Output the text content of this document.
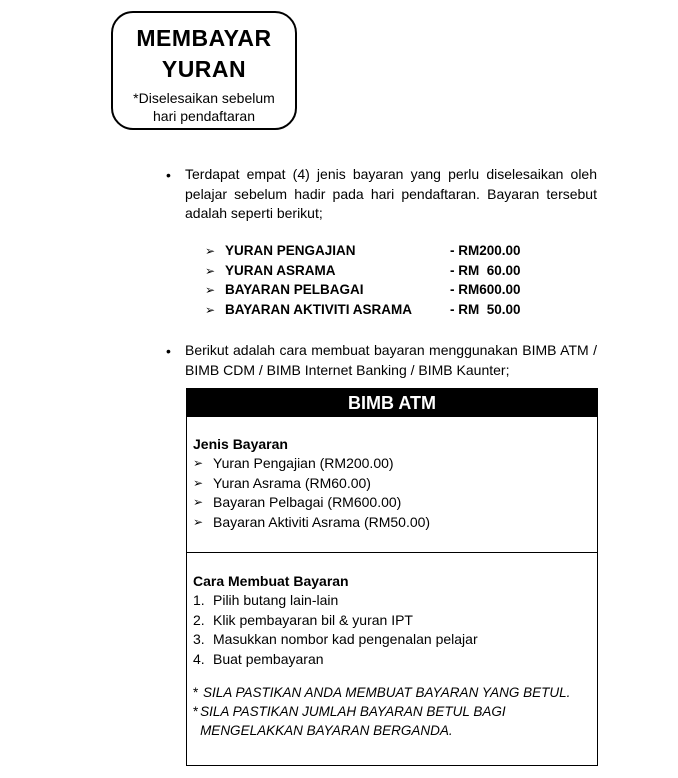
MEMBAYAR
YURAN
*Diselesaikan sebelum
hari pendaftaran
• Terdapat empat (4) jenis bayaran yang perlu diselesaikan oleh pelajar sebelum hadir pada hari pendaftaran. Bayaran tersebut adalah seperti berikut;
➢ YURAN PENGAJIAN	- RM200.00
➢ YURAN ASRAMA	- RM  60.00
➢ BAYARAN PELBAGAI	- RM600.00
➢ BAYARAN AKTIVITI ASRAMA	- RM  50.00
• Berikut adalah cara membuat bayaran menggunakan BIMB ATM / BIMB CDM / BIMB Internet Banking / BIMB Kaunter;
BIMB ATM
Jenis Bayaran
➢ Yuran Pengajian (RM200.00)
➢ Yuran Asrama (RM60.00)
➢ Bayaran Pelbagai (RM600.00)
➢ Bayaran Aktiviti Asrama (RM50.00)
Cara Membuat Bayaran
1. Pilih butang lain-lain
2. Klik pembayaran bil & yuran IPT
3. Masukkan nombor kad pengenalan pelajar
4. Buat pembayaran
* SILA PASTIKAN ANDA MEMBUAT BAYARAN YANG BETUL.
* SILA PASTIKAN JUMLAH BAYARAN BETUL BAGI MENGELAKKAN BAYARAN BERGANDA.
